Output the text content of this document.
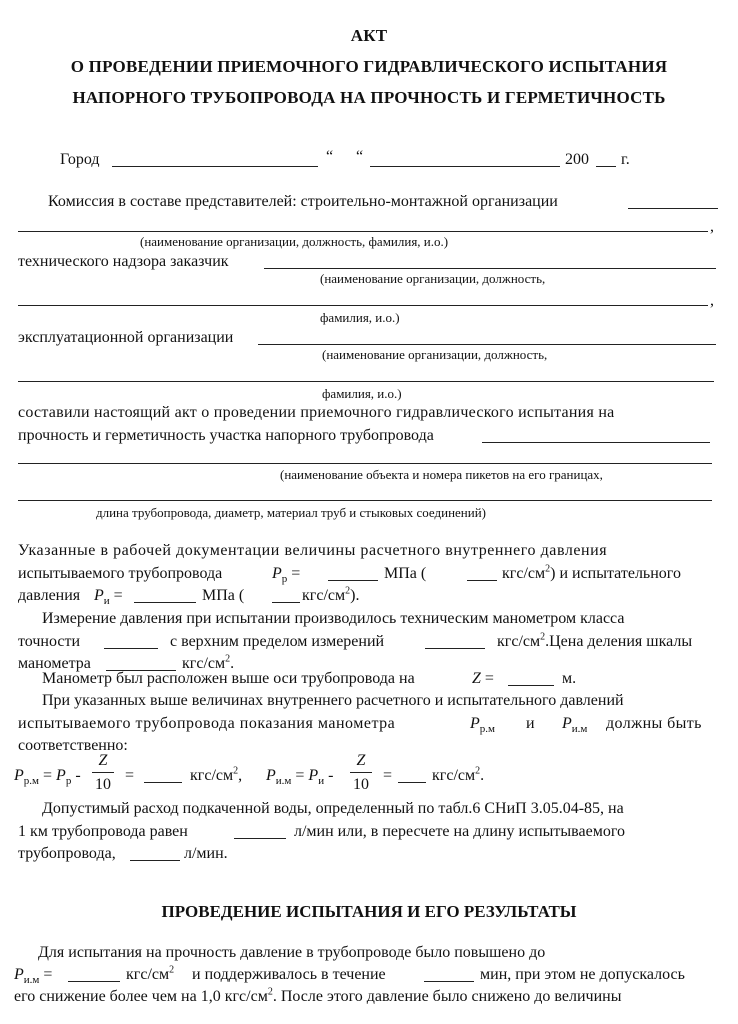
АКТ
О ПРОВЕДЕНИИ ПРИЕМОЧНОГО ГИДРАВЛИЧЕСКОГО ИСПЫТАНИЯ
НАПОРНОГО ТРУБОПРОВОДА НА ПРОЧНОСТЬ И ГЕРМЕТИЧНОСТЬ
Город	“ “	200 г.
Комиссия в составе представителей: строительно-монтажной организации
,
(наименование организации, должность, фамилия, и.о.)
технического надзора заказчик
(наименование организации, должность,
,
фамилия, и.о.)
эксплуатационной организации
(наименование организации, должность,
фамилия, и.о.)
составили настоящий акт о проведении приемочного гидравлического испытания на
прочность и герметичность участка напорного трубопровода
(наименование объекта и номера пикетов на его границах,
длина трубопровода, диаметр, материал труб и стыковых соединений)
Указанные в рабочей документации величины расчетного внутреннего давления
испытываемого трубопровода	$P_р$ =	МПа (	кгс/$см^2$) и испытательного
давления $P_и$ =	МПа (	кгс/$см^2$).
Измерение давления при испытании производилось техническим манометром класса
точности	с верхним пределом измерений	кгс/$см^2.Цена$ деления шкалы
манометра	кгс/$см^2$.
Манометр был расположен выше оси трубопровода на	Z =	м.
При указанных выше величинах внутреннего расчетного и испытательного давлений
испытываемого трубопровода показания манометра	$P_{р.м}$ и $P_{и.м}$ должны быть
соответственно:
$P_{р.м} = P_р$ -
Z
10
=	кгс/$см^2$, $P_{и.м} = P_и$ -
Z
10
= кгс/$см^2$.
Допустимый расход подкаченной воды, определенный по табл.6 СНиП 3.05.04-85, на
1 км трубопровода равен	л/мин или, в пересчете на длину испытываемого
трубопровода,	л/мин.
ПРОВЕДЕНИЕ ИСПЫТАНИЯ И ЕГО РЕЗУЛЬТАТЫ
Для испытания на прочность давление в трубопроводе было повышено до
$P_{и.м}$ =	кгс/$см^2$ и поддерживалось в течение	мин, при этом не допускалось
его снижение более чем на 1,0 кгс/$см^2$. После этого давление было снижено до величины
